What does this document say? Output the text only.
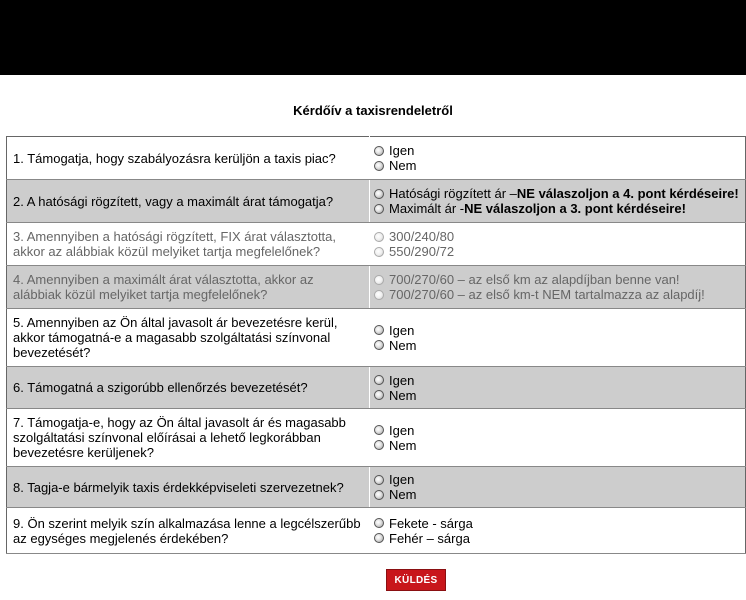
Kérdőív a taxisrendeletről
1. Támogatja, hogy szabályozásra kerüljön a taxis piac?	Igen
Nem

2. A hatósági rögzített, vagy a maximált árat támogatja?	Hatósági rögzített ár – NE válaszoljon a 4. pont kérdéseire!
Maximált ár - NE válaszoljon a 3. pont kérdéseire!

3. Amennyiben a hatósági rögzített, FIX árat választotta, akkor az alábbiak közül melyiket tartja megfelelőnek?	300/240/80
550/290/72

4. Amennyiben a maximált árat választotta, akkor az alábbiak közül melyiket tartja megfelelőnek?	700/270/60 – az első km az alapdíjban benne van!
700/270/60 – az első km-t NEM tartalmazza az alapdíj!

5. Amennyiben az Ön által javasolt ár bevezetésre kerül, akkor támogatná-e a magasabb szolgáltatási színvonal bevezetését?	Igen
Nem

6. Támogatná a szigorúbb ellenőrzés bevezetését?	Igen
Nem

7. Támogatja-e, hogy az Ön által javasolt ár és magasabb szolgáltatási színvonal előírásai a lehető legkorábban bevezetésre kerüljenek?	Igen
Nem

8. Tagja-e bármelyik taxis érdekképviseleti szervezetnek?	Igen
Nem

9. Ön szerint melyik szín alkalmazása lenne a legcélszerűbb az egységes megjelenés érdekében?	Fekete - sárga
Fehér – sárga
KÜLDÉS
